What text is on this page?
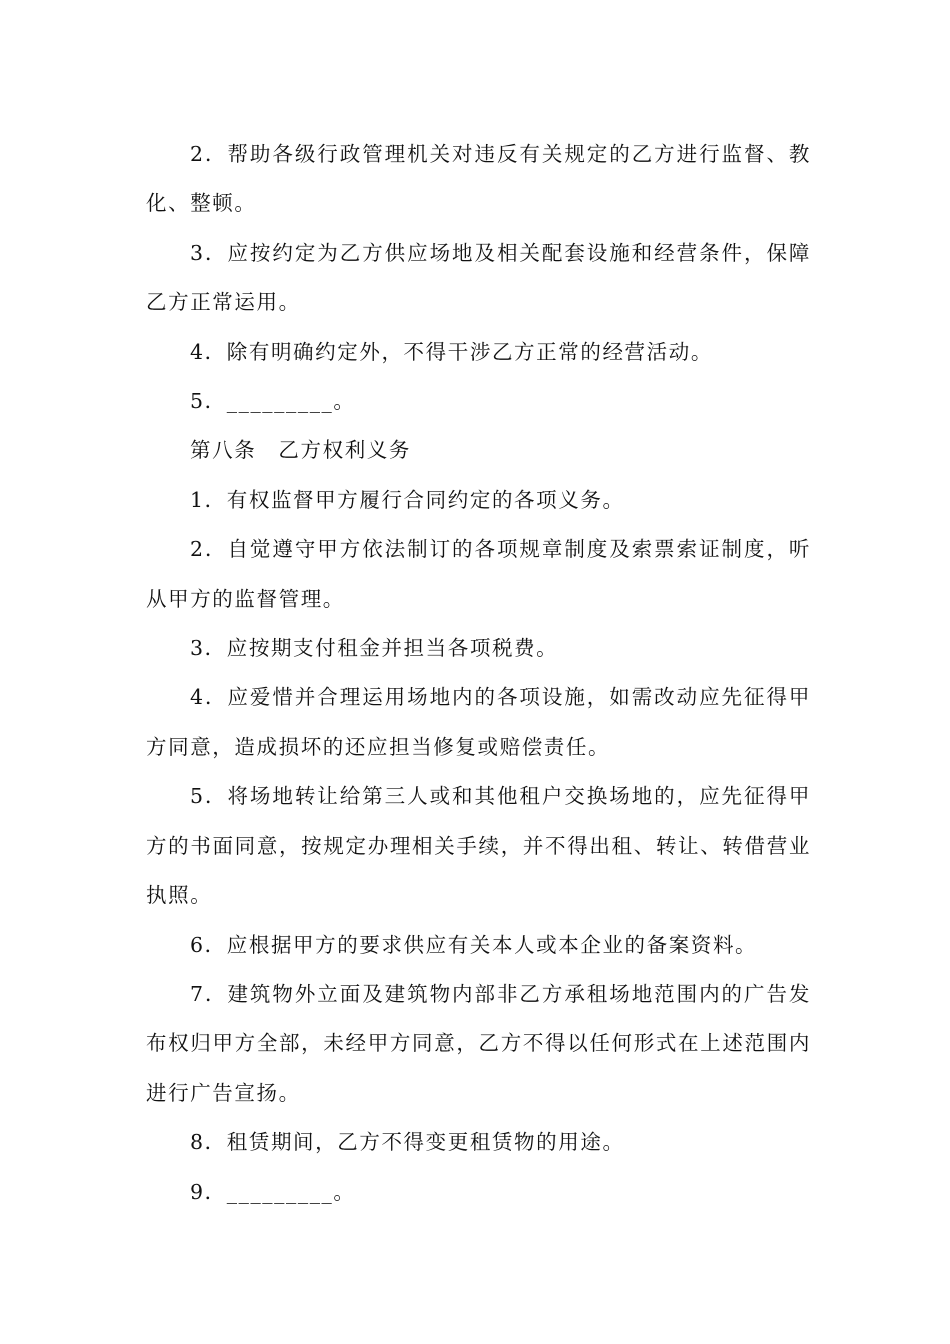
2．帮助各级行政管理机关对违反有关规定的乙方进行监督、教化、整顿。

3．应按约定为乙方供应场地及相关配套设施和经营条件，保障乙方正常运用。

4．除有明确约定外，不得干涉乙方正常的经营活动。

5．_________。

第八条　乙方权利义务

1．有权监督甲方履行合同约定的各项义务。

2．自觉遵守甲方依法制订的各项规章制度及索票索证制度，听从甲方的监督管理。

3．应按期支付租金并担当各项税费。

4．应爱惜并合理运用场地内的各项设施，如需改动应先征得甲方同意，造成损坏的还应担当修复或赔偿责任。

5．将场地转让给第三人或和其他租户交换场地的，应先征得甲方的书面同意，按规定办理相关手续，并不得出租、转让、转借营业执照。

6．应根据甲方的要求供应有关本人或本企业的备案资料。

7．建筑物外立面及建筑物内部非乙方承租场地范围内的广告发布权归甲方全部，未经甲方同意，乙方不得以任何形式在上述范围内进行广告宣扬。

8．租赁期间，乙方不得变更租赁物的用途。

9．_________。
